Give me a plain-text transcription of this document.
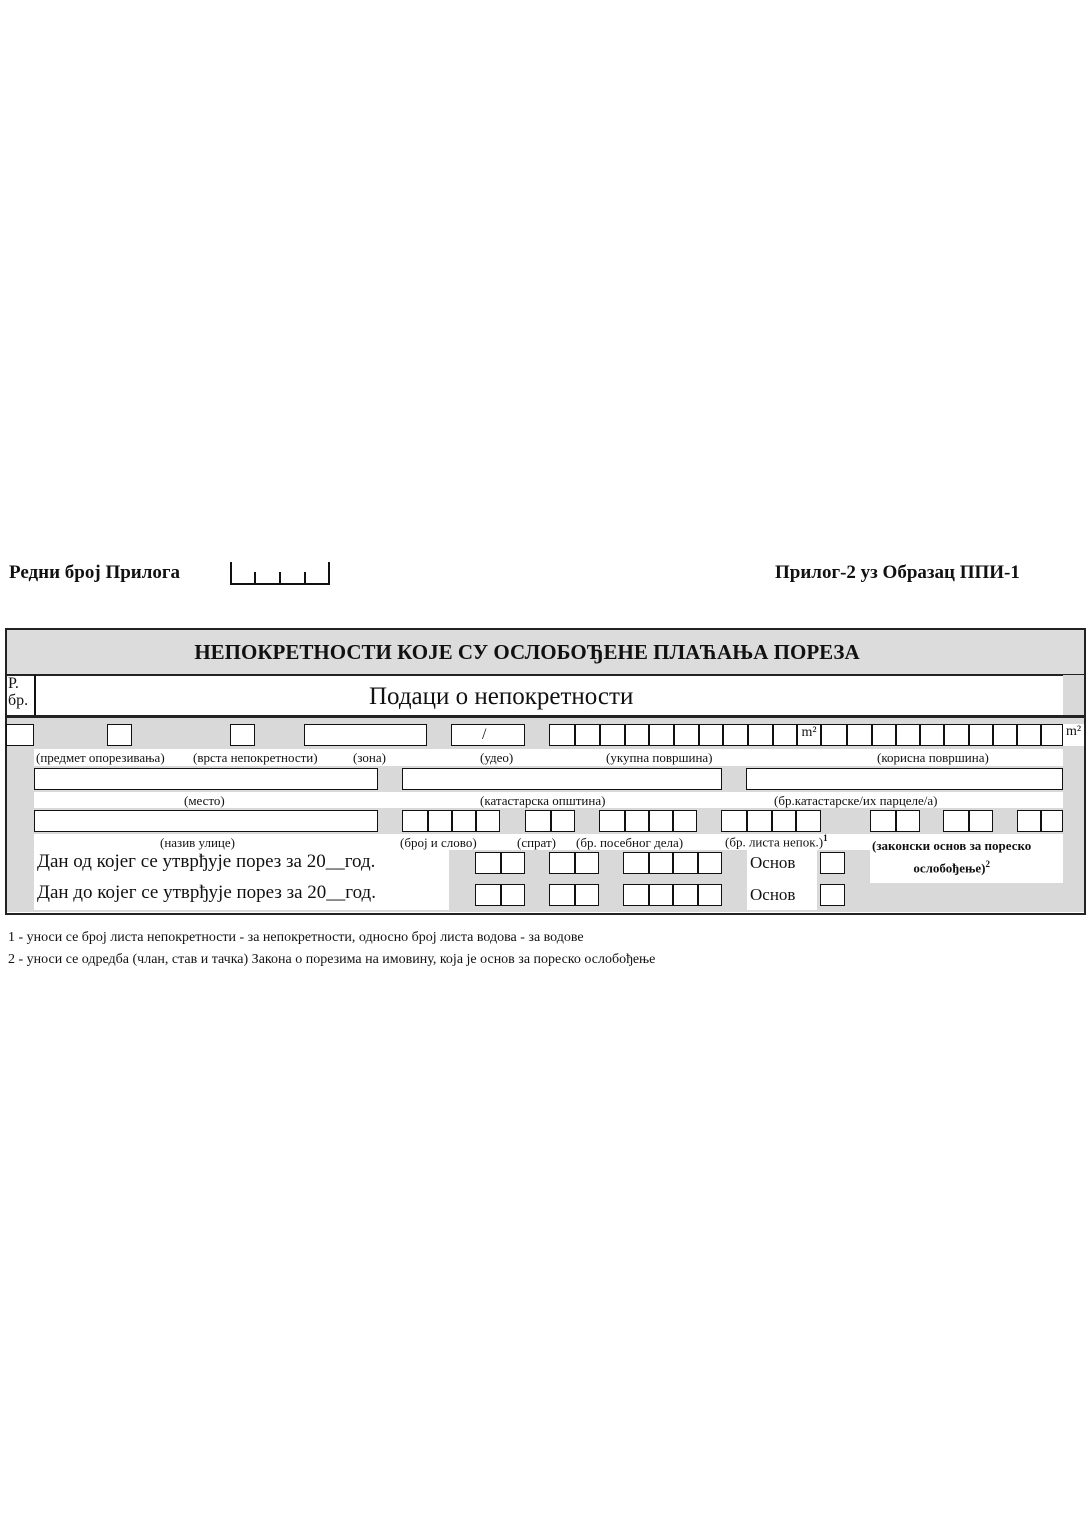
Редни број Прилога	Прилог-2 уз Образац ППИ-1
НЕПОКРЕТНОСТИ КОЈЕ СУ ОСЛОБОЂЕНЕ ПЛАЋАЊА ПОРЕЗА
Р.
бр.	Подаци о непокретности
/	m²	m²
(предмет опорезивања) (врста непокретности)	(зона)	(удео)	(укупна површина)	(корисна површина)
(место)	(катастарска општина)	(бр.катастарске/их парцеле/а)
(назив улице)	(број и слово)	(спрат) (бр. посебног дела)	(бр. листа непок.)$^1$	(законски основ за пореско
ослобођење)$^2$
Дан од којег се утврђује порез за 20__год.	Основ
Дан до којег се утврђује порез за 20__год.	Основ
1 - уноси се број листа непокретности - за непокретности, односно број листа водова - за водове
2 - уноси се одредба (члан, став и тачка) Закона о порезима на имовину, која је основ за пореско ослобођење
